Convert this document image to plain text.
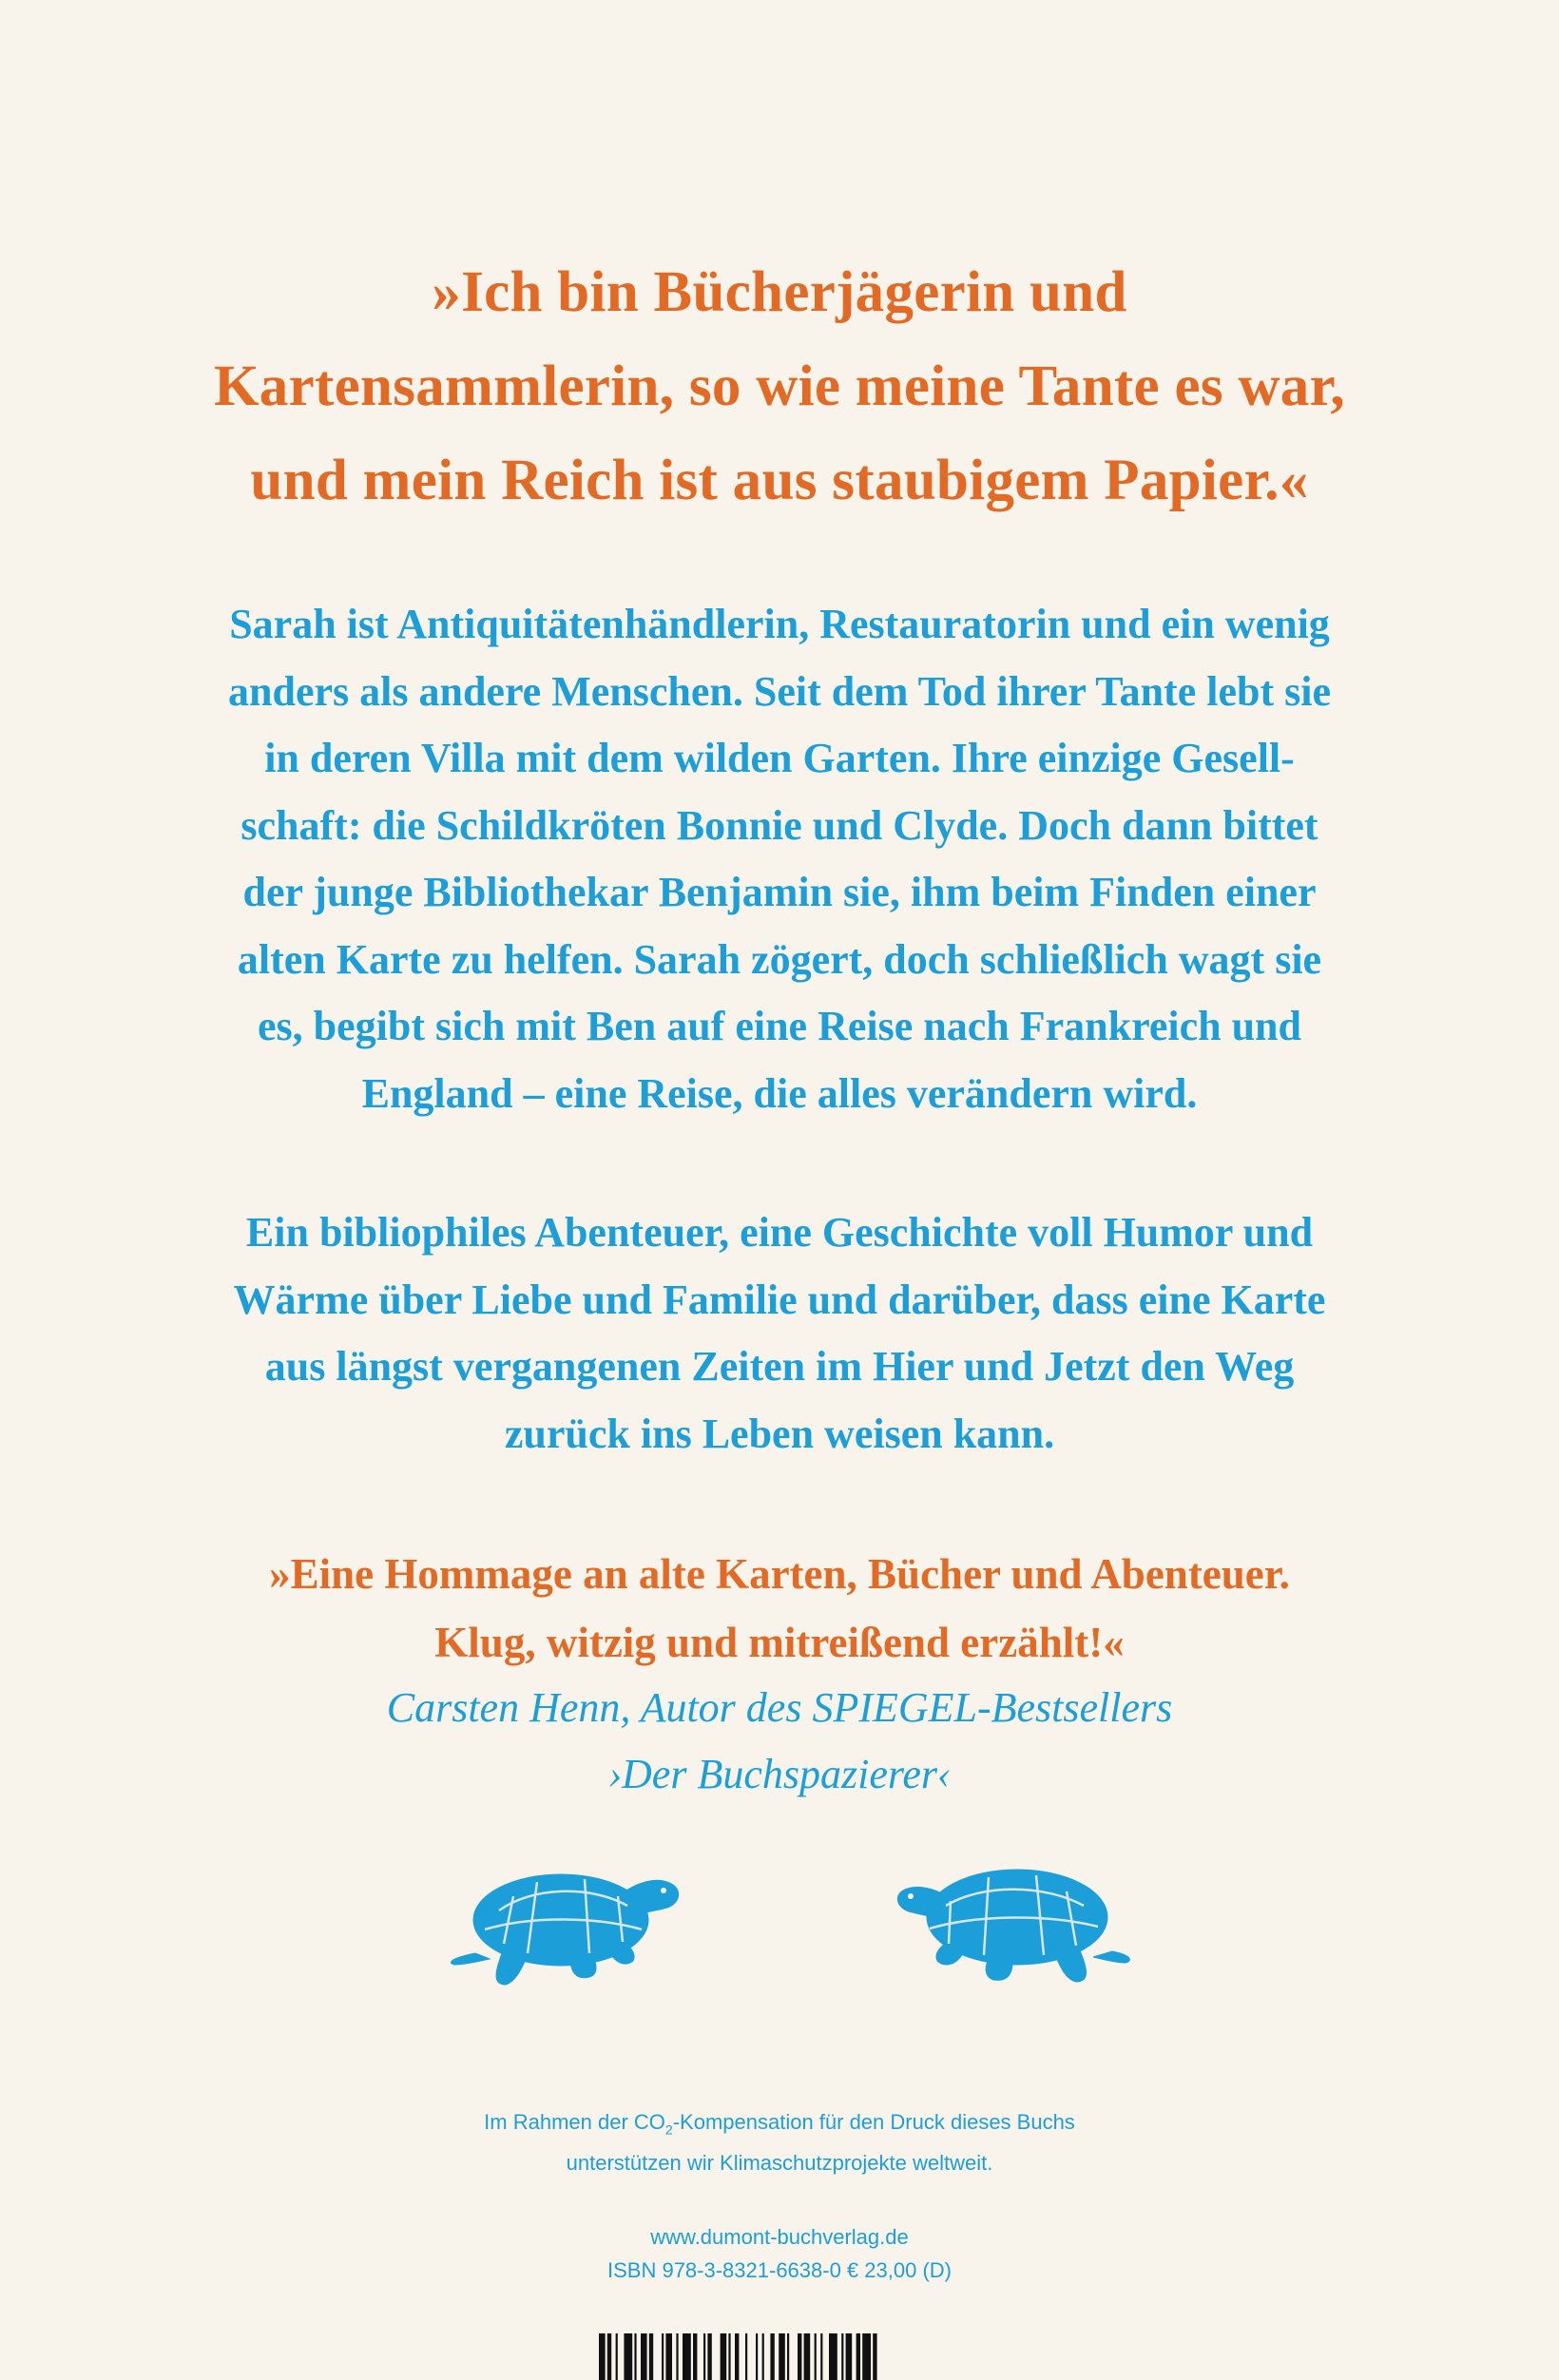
»Ich bin Bücherjägerin und
Kartensammlerin, so wie meine Tante es war,
und mein Reich ist aus staubigem Papier.«
Sarah ist Antiquitätenhändlerin, Restauratorin und ein wenig
anders als andere Menschen. Seit dem Tod ihrer Tante lebt sie
in deren Villa mit dem wilden Garten. Ihre einzige Gesell-
schaft: die Schildkröten Bonnie und Clyde. Doch dann bittet
der junge Bibliothekar Benjamin sie, ihm beim Finden einer
alten Karte zu helfen. Sarah zögert, doch schließlich wagt sie
es, begibt sich mit Ben auf eine Reise nach Frankreich und
England – eine Reise, die alles verändern wird.
Ein bibliophiles Abenteuer, eine Geschichte voll Humor und
Wärme über Liebe und Familie und darüber, dass eine Karte
aus längst vergangenen Zeiten im Hier und Jetzt den Weg
zurück ins Leben weisen kann.
»Eine Hommage an alte Karten, Bücher und Abenteuer.
Klug, witzig und mitreißend erzählt!«
Carsten Henn, Autor des SPIEGEL-Bestsellers
›Der Buchspazierer‹
Im Rahmen der $CO_2$-Kompensation für den Druck dieses Buchs
unterstützen wir Klimaschutzprojekte weltweit.
www.dumont-buchverlag.de
ISBN 978-3-8321-6638-0 € 23,00 (D)
